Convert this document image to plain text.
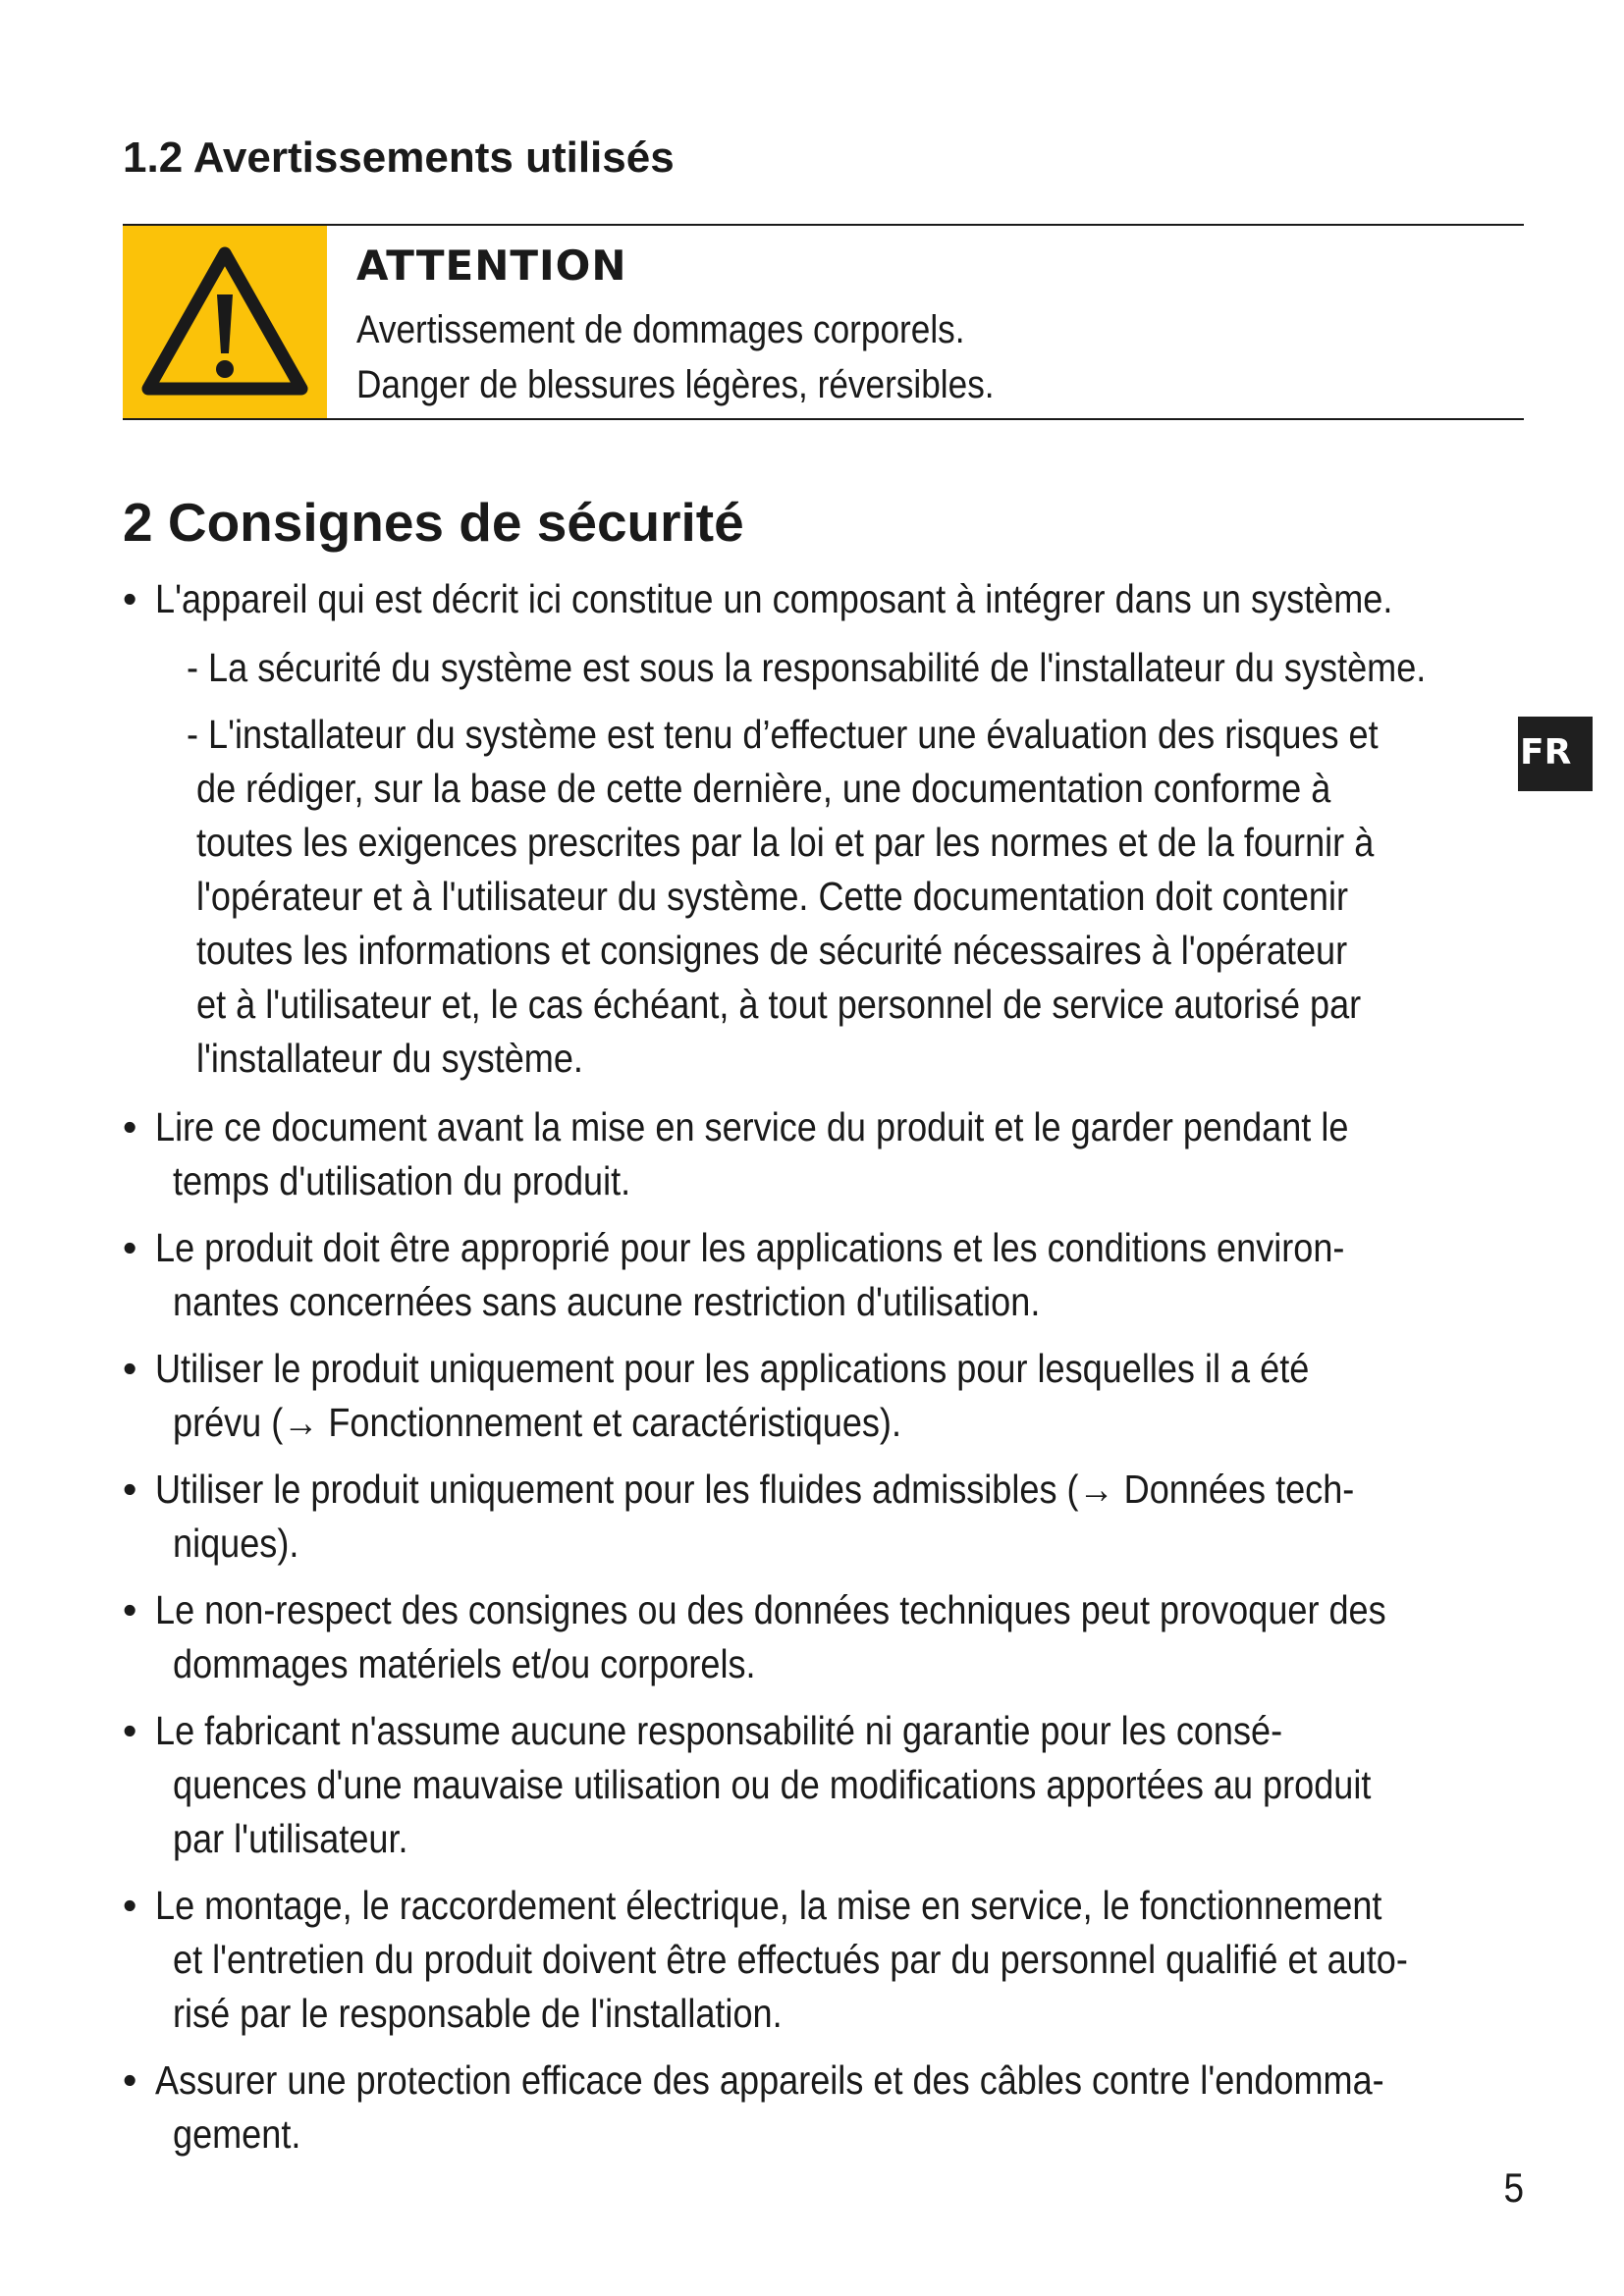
1.2 Avertissements utilisés

ATTENTION

Avertissement de dommages corporels.

Danger de blessures légères, réversibles.

2 Consignes de sécurité
• L'appareil qui est décrit ici constitue un composant à intégrer dans un système.

- La sécurité du système est sous la responsabilité de l'installateur du système.

- L'installateur du système est tenu d’effectuer une évaluation des risques et

de rédiger, sur la base de cette dernière, une documentation conforme à

toutes les exigences prescrites par la loi et par les normes et de la fournir à

l'opérateur et à l'utilisateur du système. Cette documentation doit contenir

toutes les informations et consignes de sécurité nécessaires à l'opérateur

et à l'utilisateur et, le cas échéant, à tout personnel de service autorisé par

l'installateur du système.

• Lire ce document avant la mise en service du produit et le garder pendant le

temps d'utilisation du produit.

• Le produit doit être approprié pour les applications et les conditions environ-

nantes concernées sans aucune restriction d'utilisation.

• Utiliser le produit uniquement pour les applications pour lesquelles il a été

prévu (→ Fonctionnement et caractéristiques).

• Utiliser le produit uniquement pour les fluides admissibles (→ Données tech-

niques).

• Le non-respect des consignes ou des données techniques peut provoquer des

dommages matériels et/ou corporels.

• Le fabricant n'assume aucune responsabilité ni garantie pour les consé-

quences d'une mauvaise utilisation ou de modifications apportées au produit

par l'utilisateur.

• Le montage, le raccordement électrique, la mise en service, le fonctionnement

et l'entretien du produit doivent être effectués par du personnel qualifié et auto-

risé par le responsable de l'installation.

• Assurer une protection efficace des appareils et des câbles contre l'endomma-

gement.

FR
5
